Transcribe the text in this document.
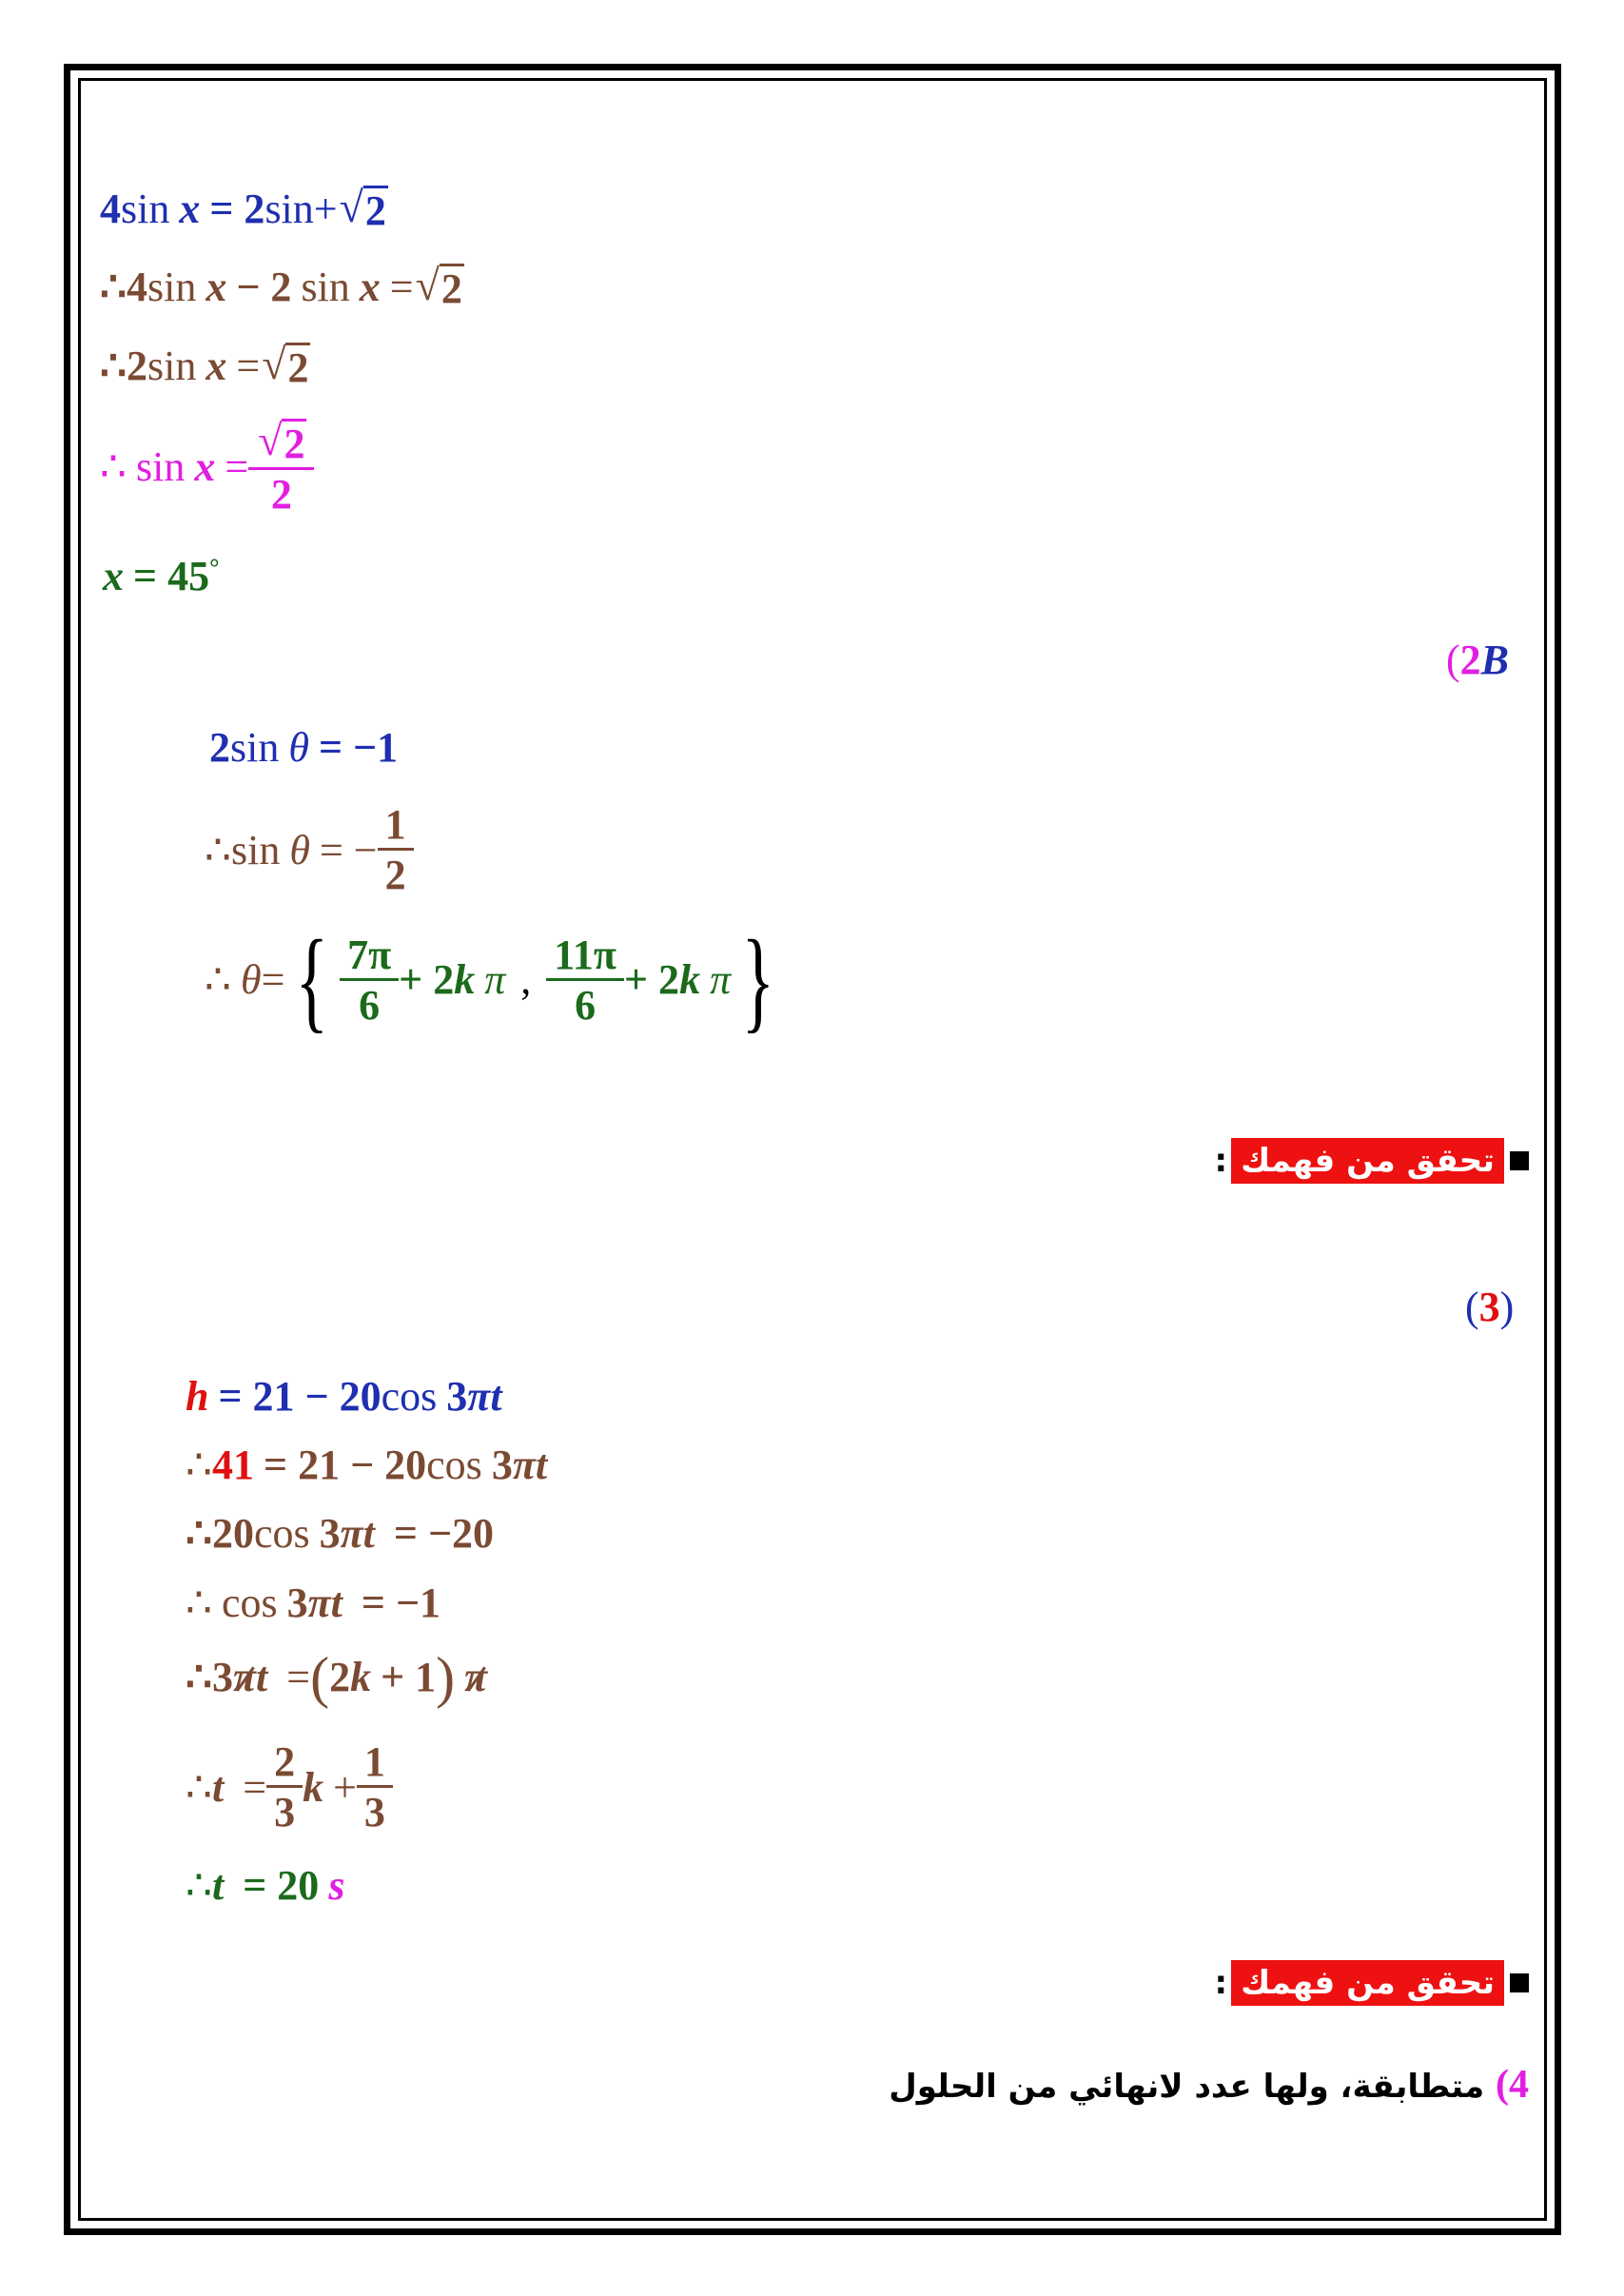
4 sin x = 2 sin+ √ 2
∴4 sin x − 2 sin x = √ 2
∴2 sin x = √ 2
∴ $\sin x = \frac{√ 2}{2}$
x = 45 °
( 2 B
2 sin θ = −1
∴ sin θ = − $\frac{1}{2}$
∴ θ = { $\frac{7\pi}{6} + 2$ k π , $\frac{11\pi}{6} + 2$ k π }
تحقق من فهمك
:
( 3 )
h = 21 − 20 cos 3 πt
∴ 41 = 21 − 20 cos 3 πt
∴20 cos 3 πt = −20
∴ cos 3 πt = −1
∴3 π t = ( 2 k + 1 ) π
∴ $t = \frac{2}{3}$ $k + \frac{1}{3}$
∴ t = 20 s
تحقق من فهمك
:
4) متطابقة، ولها عدد لانهائي من الحلول
